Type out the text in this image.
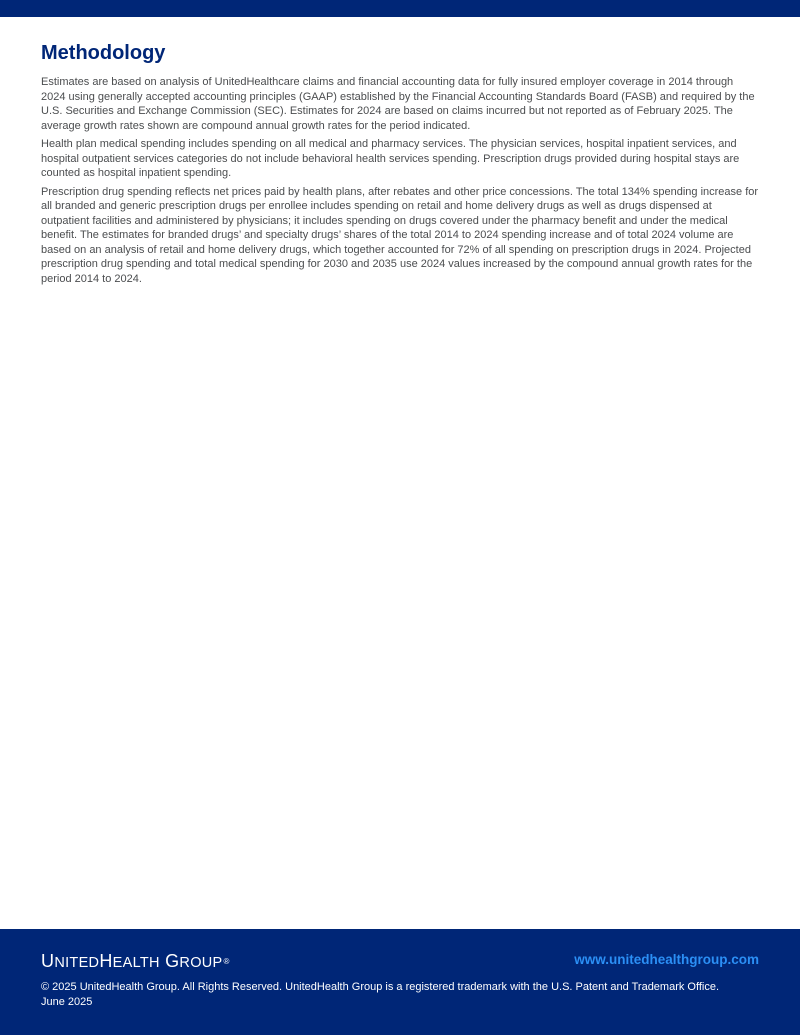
Methodology

Estimates are based on analysis of UnitedHealthcare claims and financial accounting data for fully insured employer coverage in 2014 through 2024 using generally accepted accounting principles (GAAP) established by the Financial Accounting Standards Board (FASB) and required by the U.S. Securities and Exchange Commission (SEC). Estimates for 2024 are based on claims incurred but not reported as of February 2025. The average growth rates shown are compound annual growth rates for the period indicated.

Health plan medical spending includes spending on all medical and pharmacy services. The physician services, hospital inpatient services, and hospital outpatient services categories do not include behavioral health services spending. Prescription drugs provided during hospital stays are counted as hospital inpatient spending.

Prescription drug spending reflects net prices paid by health plans, after rebates and other price concessions. The total 134% spending increase for all branded and generic prescription drugs per enrollee includes spending on retail and home delivery drugs as well as drugs dispensed at outpatient facilities and administered by physicians; it includes spending on drugs covered under the pharmacy benefit and under the medical benefit. The estimates for branded drugs’ and specialty drugs’ shares of the total 2014 to 2024 spending increase and of total 2024 volume are based on an analysis of retail and home delivery drugs, which together accounted for 72% of all spending on prescription drugs in 2024. Projected prescription drug spending and total medical spending for 2030 and 2035 use 2024 values increased by the compound annual growth rates for the period 2014 to 2024.

UNITEDHEALTH GROUP®	www.unitedhealthgroup.com
© 2025 UnitedHealth Group. All Rights Reserved. UnitedHealth Group is a registered trademark with the U.S. Patent and Trademark Office.
June 2025
